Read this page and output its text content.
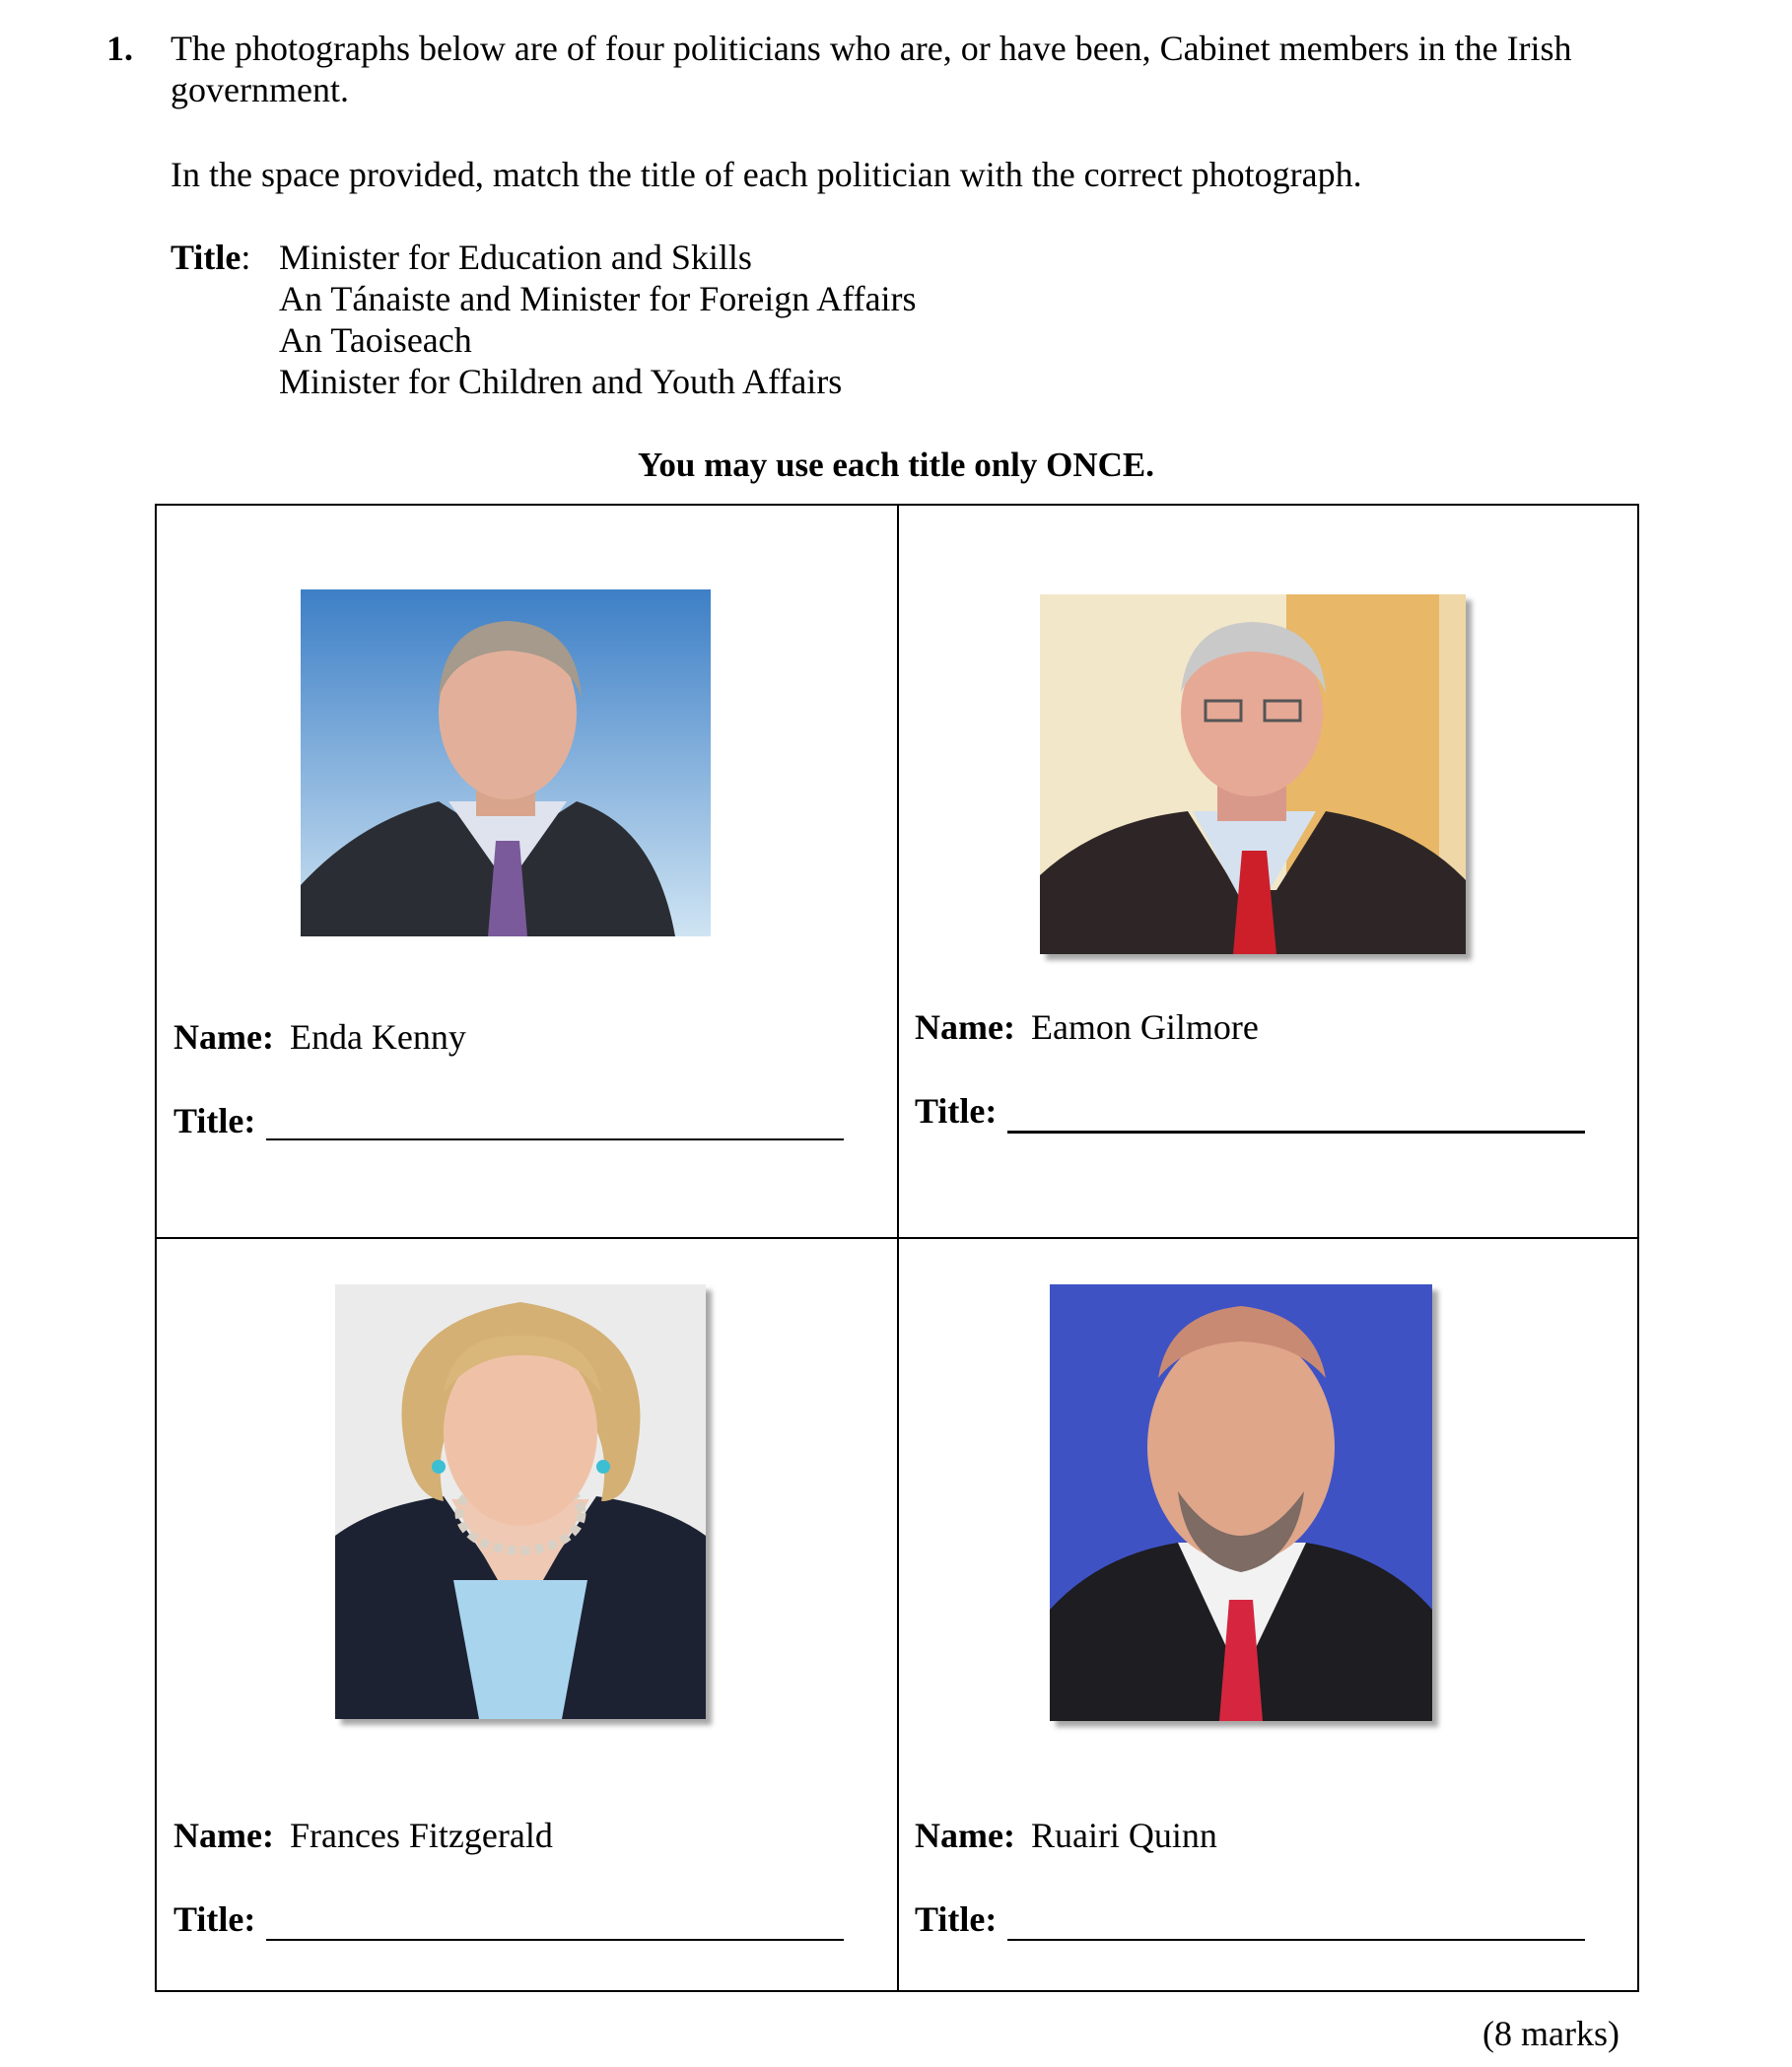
1. The photographs below are of four politicians who are, or have been, Cabinet members in the Irish government.
In the space provided, match the title of each politician with the correct photograph.
Title: Minister for Education and Skills
An Tánaiste and Minister for Foreign Affairs
An Taoiseach
Minister for Children and Youth Affairs
You may use each title only ONCE.
Name: Enda Kenny
Title:
Name: Eamon Gilmore
Title:
Name: Frances Fitzgerald
Title:
Name: Ruairi Quinn
Title:
(8 marks)
